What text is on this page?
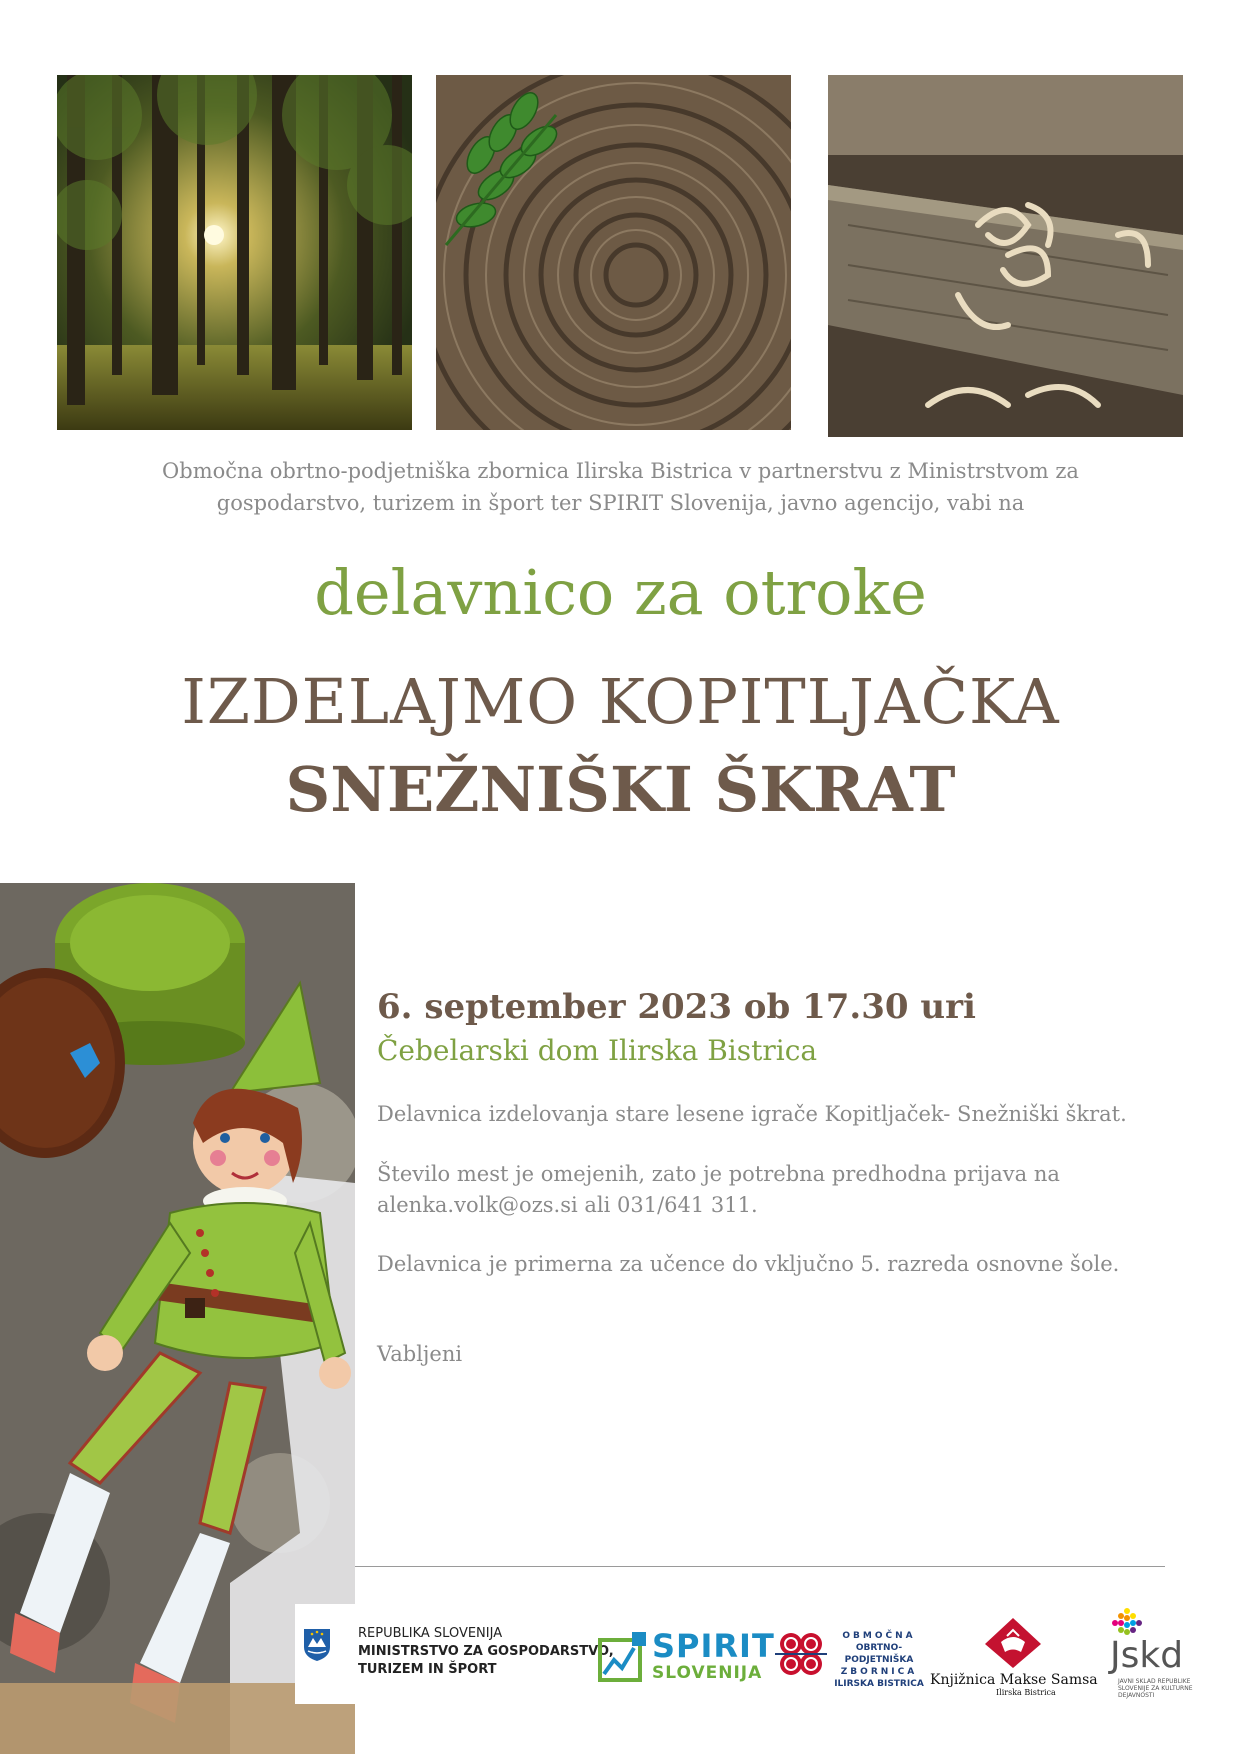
Območna obrtno-podjetniška zbornica Ilirska Bistrica v partnerstvu z Ministrstvom za
gospodarstvo, turizem in šport ter SPIRIT Slovenija, javno agencijo, vabi na
delavnico za otroke
IZDELAJMO KOPITLJAČKA
SNEŽNIŠKI ŠKRAT
6. september 2023 ob 17.30 uri
Čebelarski dom Ilirska Bistrica
Delavnica izdelovanja stare lesene igrače Kopitljaček- Snežniški škrat.
Število mest je omejenih, zato je potrebna predhodna prijava na
alenka.volk@ozs.si ali 031/641 311.
Delavnica je primerna za učence do vključno 5. razreda osnovne šole.
Vabljeni
REPUBLIKA SLOVENIJA
MINISTRSTVO ZA GOSPODARSTVO,
TURIZEM IN ŠPORT
SPIRIT
SLOVENIJA
OBMOČNA
OBRTNO-PODJETNIŠKA
ZBORNICA
ILIRSKA BISTRICA Knjižnica Makse Samsa
Ilirska Bistrica
Jskd
JAVNI SKLAD REPUBLIKE SLOVENIJE ZA KULTURNE DEJAVNOSTI
